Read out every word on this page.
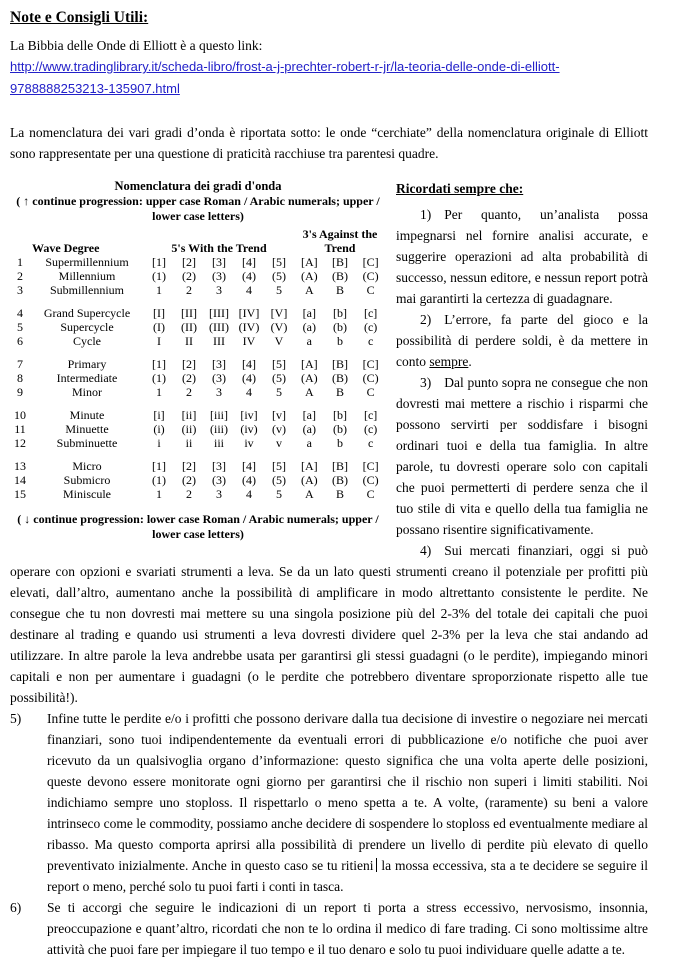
Note e Consigli Utili:

La Bibbia delle Onde di Elliott è a questo link:

http://www.tradinglibrary.it/scheda-libro/frost-a-j-prechter-robert-r-jr/la-teoria-delle-onde-di-elliott-9788888253213-135907.html

La nomenclatura dei vari gradi d’onda è riportata sotto: le onde “cerchiate” della nomenclatura originale di Elliott sono rappresentate per una questione di praticità racchiuse tra parentesi quadre.

Nomenclatura dei gradi d'onda
( ↑ continue progression: upper case Roman / Arabic numerals; upper / lower case letters)
	Wave Degree	5's With the Trend					3's Against the Trend		
1	Supermillennium	[1]	[2]	[3]	[4]	[5]	[A]	[B]	[C]
2	Millennium	(1)	(2)	(3)	(4)	(5)	(A)	(B)	(C)
3	Submillennium	1	2	3	4	5	A	B	C
4	Grand Supercycle	[I]	[II]	[III]	[IV]	[V]	[a]	[b]	[c]
5	Supercycle	(I)	(II)	(III)	(IV)	(V)	(a)	(b)	(c)
6	Cycle	I	II	III	IV	V	a	b	c
7	Primary	[1]	[2]	[3]	[4]	[5]	[A]	[B]	[C]
8	Intermediate	(1)	(2)	(3)	(4)	(5)	(A)	(B)	(C)
9	Minor	1	2	3	4	5	A	B	C
10	Minute	[i]	[ii]	[iii]	[iv]	[v]	[a]	[b]	[c]
11	Minuette	(i)	(ii)	(iii)	(iv)	(v)	(a)	(b)	(c)
12	Subminuette	i	ii	iii	iv	v	a	b	c
13	Micro	[1]	[2]	[3]	[4]	[5]	[A]	[B]	[C]
14	Submicro	(1)	(2)	(3)	(4)	(5)	(A)	(B)	(C)
15	Miniscule	1	2	3	4	5	A	B	C
( ↓ continue progression: lower case Roman / Arabic numerals; upper / lower case letters)
Ricordati sempre che:

1) Per quanto, un’analista possa impegnarsi nel fornire analisi accurate, e suggerire operazioni ad alta probabilità di successo, nessun editore, e nessun report potrà mai garantirti la certezza di guadagnare.

2) L’errore, fa parte del gioco e la possibilità di perdere soldi, è da mettere in conto sempre.

3) Dal punto sopra ne consegue che non dovresti mai mettere a rischio i risparmi che possono servirti per soddisfare i bisogni ordinari tuoi e della tua famiglia. In altre parole, tu dovresti operare solo con capitali che puoi permetterti di perdere senza che il tuo stile di vita e quello della tua famiglia ne possano risentire significativamente.

4) Sui mercati finanziari, oggi si può operare con opzioni e svariati strumenti a leva. Se da un lato questi strumenti creano il potenziale per profitti più elevati, dall’altro, aumentano anche la possibilità di amplificare in modo altrettanto consistente le perdite. Ne consegue che tu non dovresti mai mettere su una singola posizione più del 2-3% del totale dei capitali che puoi destinare al trading e quando usi strumenti a leva dovresti dividere quel 2-3% per la leva che stai andando ad utilizzare. In altre parole la leva andrebbe usata per garantirsi gli stessi guadagni (o le perdite), impiegando minori capitali e non per aumentare i guadagni (o le perdite che potrebbero diventare sproporzionate rispetto alle tue possibilità!).

5) Infine tutte le perdite e/o i profitti che possono derivare dalla tua decisione di investire o negoziare nei mercati finanziari, sono tuoi indipendentemente da eventuali errori di pubblicazione e/o notifiche che puoi aver ricevuto da un qualsivoglia organo d’informazione: questo significa che una volta aperte delle posizioni, queste devono essere monitorate ogni giorno per garantirsi che il rischio non superi i limiti stabiliti. Noi indichiamo sempre uno stoploss. Il rispettarlo o meno spetta a te. A volte, (raramente) su beni a valore intrinseco come le commodity, possiamo anche decidere di sospendere lo stoploss ed eventualmente mediare al ribasso. Ma questo comporta aprirsi alla possibilità di prendere un livello di perdite più elevato di quello preventivato inizialmente. Anche in questo caso se tu ritieni la mossa eccessiva, sta a te decidere se seguire il report o meno, perché solo tu puoi farti i conti in tasca.

6) Se ti accorgi che seguire le indicazioni di un report ti porta a stress eccessivo, nervosismo, insonnia, preoccupazione e quant’altro, ricordati che non te lo ordina il medico di fare trading. Ci sono moltissime altre attività che puoi fare per impiegare il tuo tempo e il tuo denaro e solo tu puoi individuare quelle adatte a te.
